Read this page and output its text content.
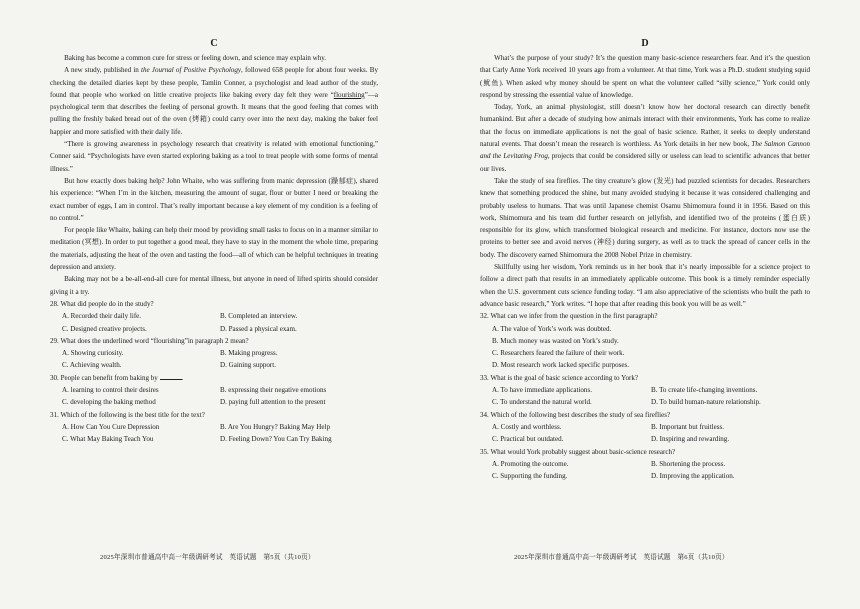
C

Baking has become a common cure for stress or feeling down, and science may explain why.

A new study, published in the Journal of Positive Psychology, followed 658 people for about four weeks. By checking the detailed diaries kept by these people, Tamlin Conner, a psychologist and lead author of the study, found that people who worked on little creative projects like baking every day felt they were “flourishing”—a psychological term that describes the feeling of personal growth. It means that the good feeling that comes with pulling the freshly baked bread out of the oven (烤箱) could carry over into the next day, making the baker feel happier and more satisfied with their daily life.

“There is growing awareness in psychology research that creativity is related with emotional functioning,” Conner said. “Psychologists have even started exploring baking as a tool to treat people with some forms of mental illness.”

But how exactly does baking help? John Whaite, who was suffering from manic depression (躁郁症), shared his experience: “When I’m in the kitchen, measuring the amount of sugar, flour or butter I need or breaking the exact number of eggs, I am in control. That’s really important because a key element of my condition is a feeling of no control.”

For people like Whaite, baking can help their mood by providing small tasks to focus on in a manner similar to meditation (冥想). In order to put together a good meal, they have to stay in the moment the whole time, preparing the materials, adjusting the heat of the oven and tasting the food—all of which can be helpful techniques in treating depression and anxiety.

Baking may not be a be-all-end-all cure for mental illness, but anyone in need of lifted spirits should consider giving it a try.

28. What did people do in the study?
A. Recorded their daily life.	B. Completed an interview.
C. Designed creative projects.	D. Passed a physical exam.
29. What does the underlined word “flourishing”in paragraph 2 mean?
A. Showing curiosity.	B. Making progress.
C. Achieving wealth.	D. Gaining support.
30. People can benefit from baking by	.
A. learning to control their desires	B. expressing their negative emotions
C. developing the baking method	D. paying full attention to the present
31. Which of the following is the best title for the text?
A. How Can You Cure Depression	B. Are You Hungry? Baking May Help
C. What May Baking Teach You	D. Feeling Down? You Can Try Baking
2025年深圳市普通高中高一年级调研考试　英语试题　第5页（共10页）
D

What’s the purpose of your study? It’s the question many basic-science researchers fear. And it’s the question that Carly Anne York received 10 years ago from a volunteer. At that time, York was a Ph.D. student studying squid (鱿鱼). When asked why money should be spent on what the volunteer called “silly science,” York could only respond by stressing the essential value of knowledge.

Today, York, an animal physiologist, still doesn’t know how her doctoral research can directly benefit humankind. But after a decade of studying how animals interact with their environments, York has come to realize that the focus on immediate applications is not the goal of basic science. Rather, it seeks to deeply understand natural events. That doesn’t mean the research is worthless. As York details in her new book, The Salmon Cannon and the Levitating Frog, projects that could be considered silly or useless can lead to scientific advances that better our lives.

Take the study of sea fireflies. The tiny creature’s glow (发光) had puzzled scientists for decades. Researchers knew that something produced the shine, but many avoided studying it because it was considered challenging and probably useless to humans. That was until Japanese chemist Osamu Shimomura found it in 1956. Based on this work, Shimomura and his team did further research on jellyfish, and identified two of the proteins (蛋白质) responsible for its glow, which transformed biological research and medicine. For instance, doctors now use the proteins to better see and avoid nerves (神经) during surgery, as well as to track the spread of cancer cells in the body. The discovery earned Shimomura the 2008 Nobel Prize in chemistry.

Skillfully using her wisdom, York reminds us in her book that it’s nearly impossible for a science project to follow a direct path that results in an immediately applicable outcome. This book is a timely reminder especially when the U.S. government cuts science funding today. “I am also appreciative of the scientists who built the path to advance basic research,” York writes. “I hope that after reading this book you will be as well.”

32. What can we infer from the question in the first paragraph?
A. The value of York’s work was doubted.
B. Much money was wasted on York’s study.
C. Researchers feared the failure of their work.
D. Most research work lacked specific purposes.
33. What is the goal of basic science according to York?
A. To have immediate applications.	B. To create life-changing inventions.
C. To understand the natural world.	D. To build human-nature relationship.
34. Which of the following best describes the study of sea fireflies?
A. Costly and worthless.	B. Important but fruitless.
C. Practical but outdated.	D. Inspiring and rewarding.
35. What would York probably suggest about basic-science research?
A. Promoting the outcome.	B. Shortening the process.
C. Supporting the funding.	D. Improving the application.
2025年深圳市普通高中高一年级调研考试　英语试题　第6页（共10页）
